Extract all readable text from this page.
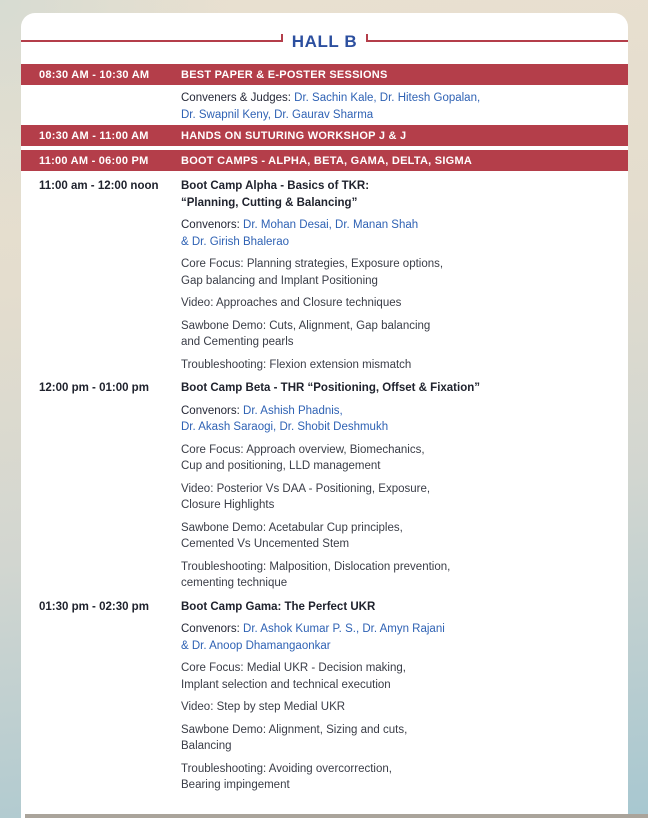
HALL B
08:30 AM - 10:30 AM	BEST PAPER & E-POSTER SESSIONS

Conveners & Judges: Dr. Sachin Kale, Dr. Hitesh Gopalan,
Dr. Swapnil Keny, Dr. Gaurav Sharma

10:30 AM - 11:00 AM	HANDS ON SUTURING WORKSHOP J & J
11:00 AM - 06:00 PM	BOOT CAMPS - ALPHA, BETA, GAMA, DELTA, SIGMA
11:00 am - 12:00 noon	Boot Camp Alpha - Basics of TKR:
“Planning, Cutting & Balancing”

Convenors: Dr. Mohan Desai, Dr. Manan Shah
& Dr. Girish Bhalerao

Core Focus: Planning strategies, Exposure options,
Gap balancing and Implant Positioning

Video: Approaches and Closure techniques

Sawbone Demo: Cuts, Alignment, Gap balancing
and Cementing pearls

Troubleshooting: Flexion extension mismatch

12:00 pm - 01:00 pm	Boot Camp Beta - THR “Positioning, Offset & Fixation”

Convenors: Dr. Ashish Phadnis,
Dr. Akash Saraogi, Dr. Shobit Deshmukh

Core Focus: Approach overview, Biomechanics,
Cup and positioning, LLD management

Video: Posterior Vs DAA - Positioning, Exposure,
Closure Highlights

Sawbone Demo: Acetabular Cup principles,
Cemented Vs Uncemented Stem

Troubleshooting: Malposition, Dislocation prevention,
cementing technique

01:30 pm - 02:30 pm	Boot Camp Gama: The Perfect UKR

Convenors: Dr. Ashok Kumar P. S., Dr. Amyn Rajani
& Dr. Anoop Dhamangaonkar

Core Focus: Medial UKR - Decision making,
Implant selection and technical execution

Video: Step by step Medial UKR

Sawbone Demo: Alignment, Sizing and cuts,
Balancing

Troubleshooting: Avoiding overcorrection,
Bearing impingement
